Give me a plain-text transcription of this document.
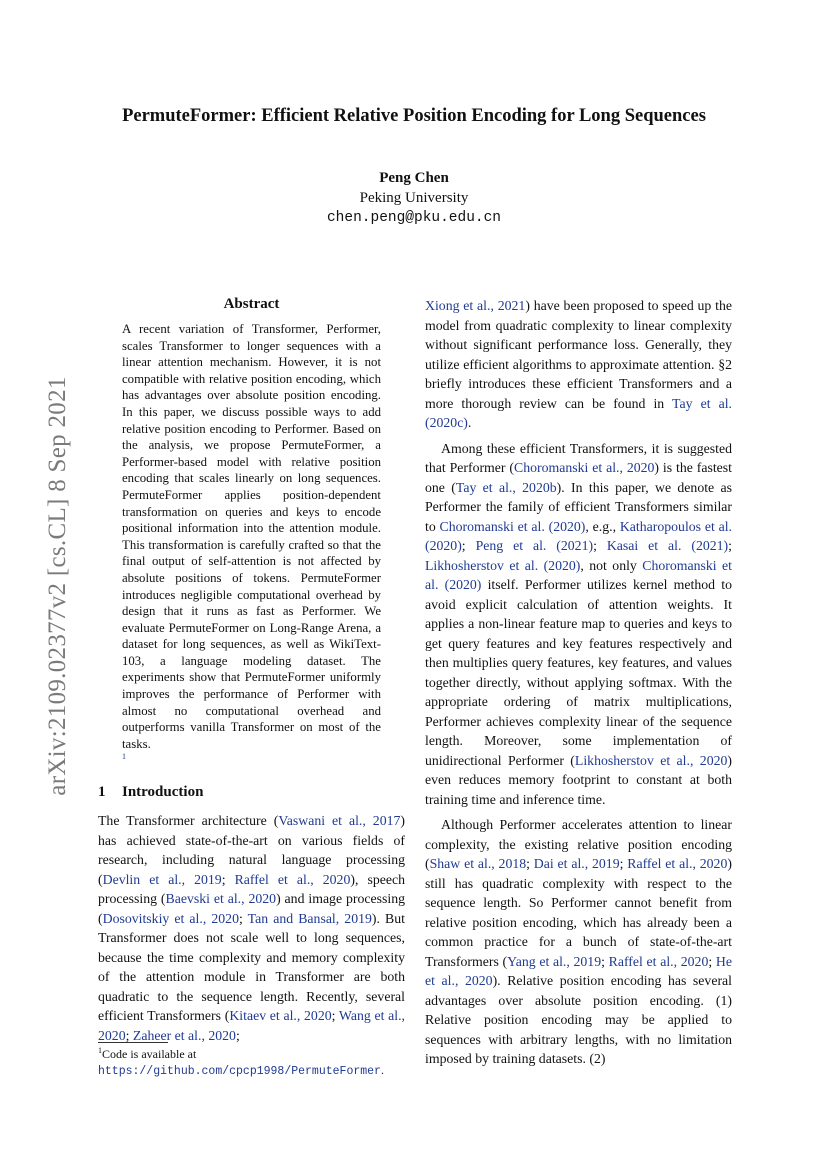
arXiv:2109.02377v2 [cs.CL] 8 Sep 2021
PermuteFormer: Efficient Relative Position Encoding for Long Sequences
Peng Chen
Peking University
chen.peng@pku.edu.cn
Abstract
A recent variation of Transformer, Performer, scales Transformer to longer sequences with a linear attention mechanism. However, it is not compatible with relative position encoding, which has advantages over absolute position encoding. In this paper, we discuss possible ways to add relative position encoding to Performer. Based on the analysis, we propose PermuteFormer, a Performer-based model with relative position encoding that scales linearly on long sequences. PermuteFormer applies position-dependent transformation on queries and keys to encode positional information into the attention module. This transformation is carefully crafted so that the final output of self-attention is not affected by absolute positions of tokens. PermuteFormer introduces negligible computational overhead by design that it runs as fast as Performer. We evaluate PermuteFormer on Long-Range Arena, a dataset for long sequences, as well as WikiText-103, a language modeling dataset. The experiments show that PermuteFormer uniformly improves the performance of Performer with almost no computational overhead and outperforms vanilla Transformer on most of the tasks.
1
1 Introduction

The Transformer architecture (Vaswani et al., 2017) has achieved state-of-the-art on various fields of research, including natural language processing (Devlin et al., 2019; Raffel et al., 2020), speech processing (Baevski et al., 2020) and image processing (Dosovitskiy et al., 2020; Tan and Bansal, 2019). But Transformer does not scale well to long sequences, because the time complexity and memory complexity of the attention module in Transformer are both quadratic to the sequence length. Recently, several efficient Transformers (Kitaev et al., 2020; Wang et al., 2020; Zaheer et al., 2020;

Xiong et al., 2021) have been proposed to speed up the model from quadratic complexity to linear complexity without significant performance loss. Generally, they utilize efficient algorithms to approximate attention. §2 briefly introduces these efficient Transformers and a more thorough review can be found in Tay et al. (2020c).

Among these efficient Transformers, it is suggested that Performer (Choromanski et al., 2020) is the fastest one (Tay et al., 2020b). In this paper, we denote as Performer the family of efficient Transformers similar to Choromanski et al. (2020), e.g., Katharopoulos et al. (2020); Peng et al. (2021); Kasai et al. (2021); Likhosherstov et al. (2020), not only Choromanski et al. (2020) itself. Performer utilizes kernel method to avoid explicit calculation of attention weights. It applies a non-linear feature map to queries and keys to get query features and key features respectively and then multiplies query features, key features, and values together directly, without applying softmax. With the appropriate ordering of matrix multiplications, Performer achieves complexity linear of the sequence length. Moreover, some implementation of unidirectional Performer (Likhosherstov et al., 2020) even reduces memory footprint to constant at both training time and inference time.

Although Performer accelerates attention to linear complexity, the existing relative position encoding (Shaw et al., 2018; Dai et al., 2019; Raffel et al., 2020) still has quadratic complexity with respect to the sequence length. So Performer cannot benefit from relative position encoding, which has already been a common practice for a bunch of state-of-the-art Transformers (Yang et al., 2019; Raffel et al., 2020; He et al., 2020). Relative position encoding has several advantages over absolute position encoding. (1) Relative position encoding may be applied to sequences with arbitrary lengths, with no limitation imposed by training datasets. (2)

$^1$Code is available at https://github.com/cpcp1998/PermuteFormer.
